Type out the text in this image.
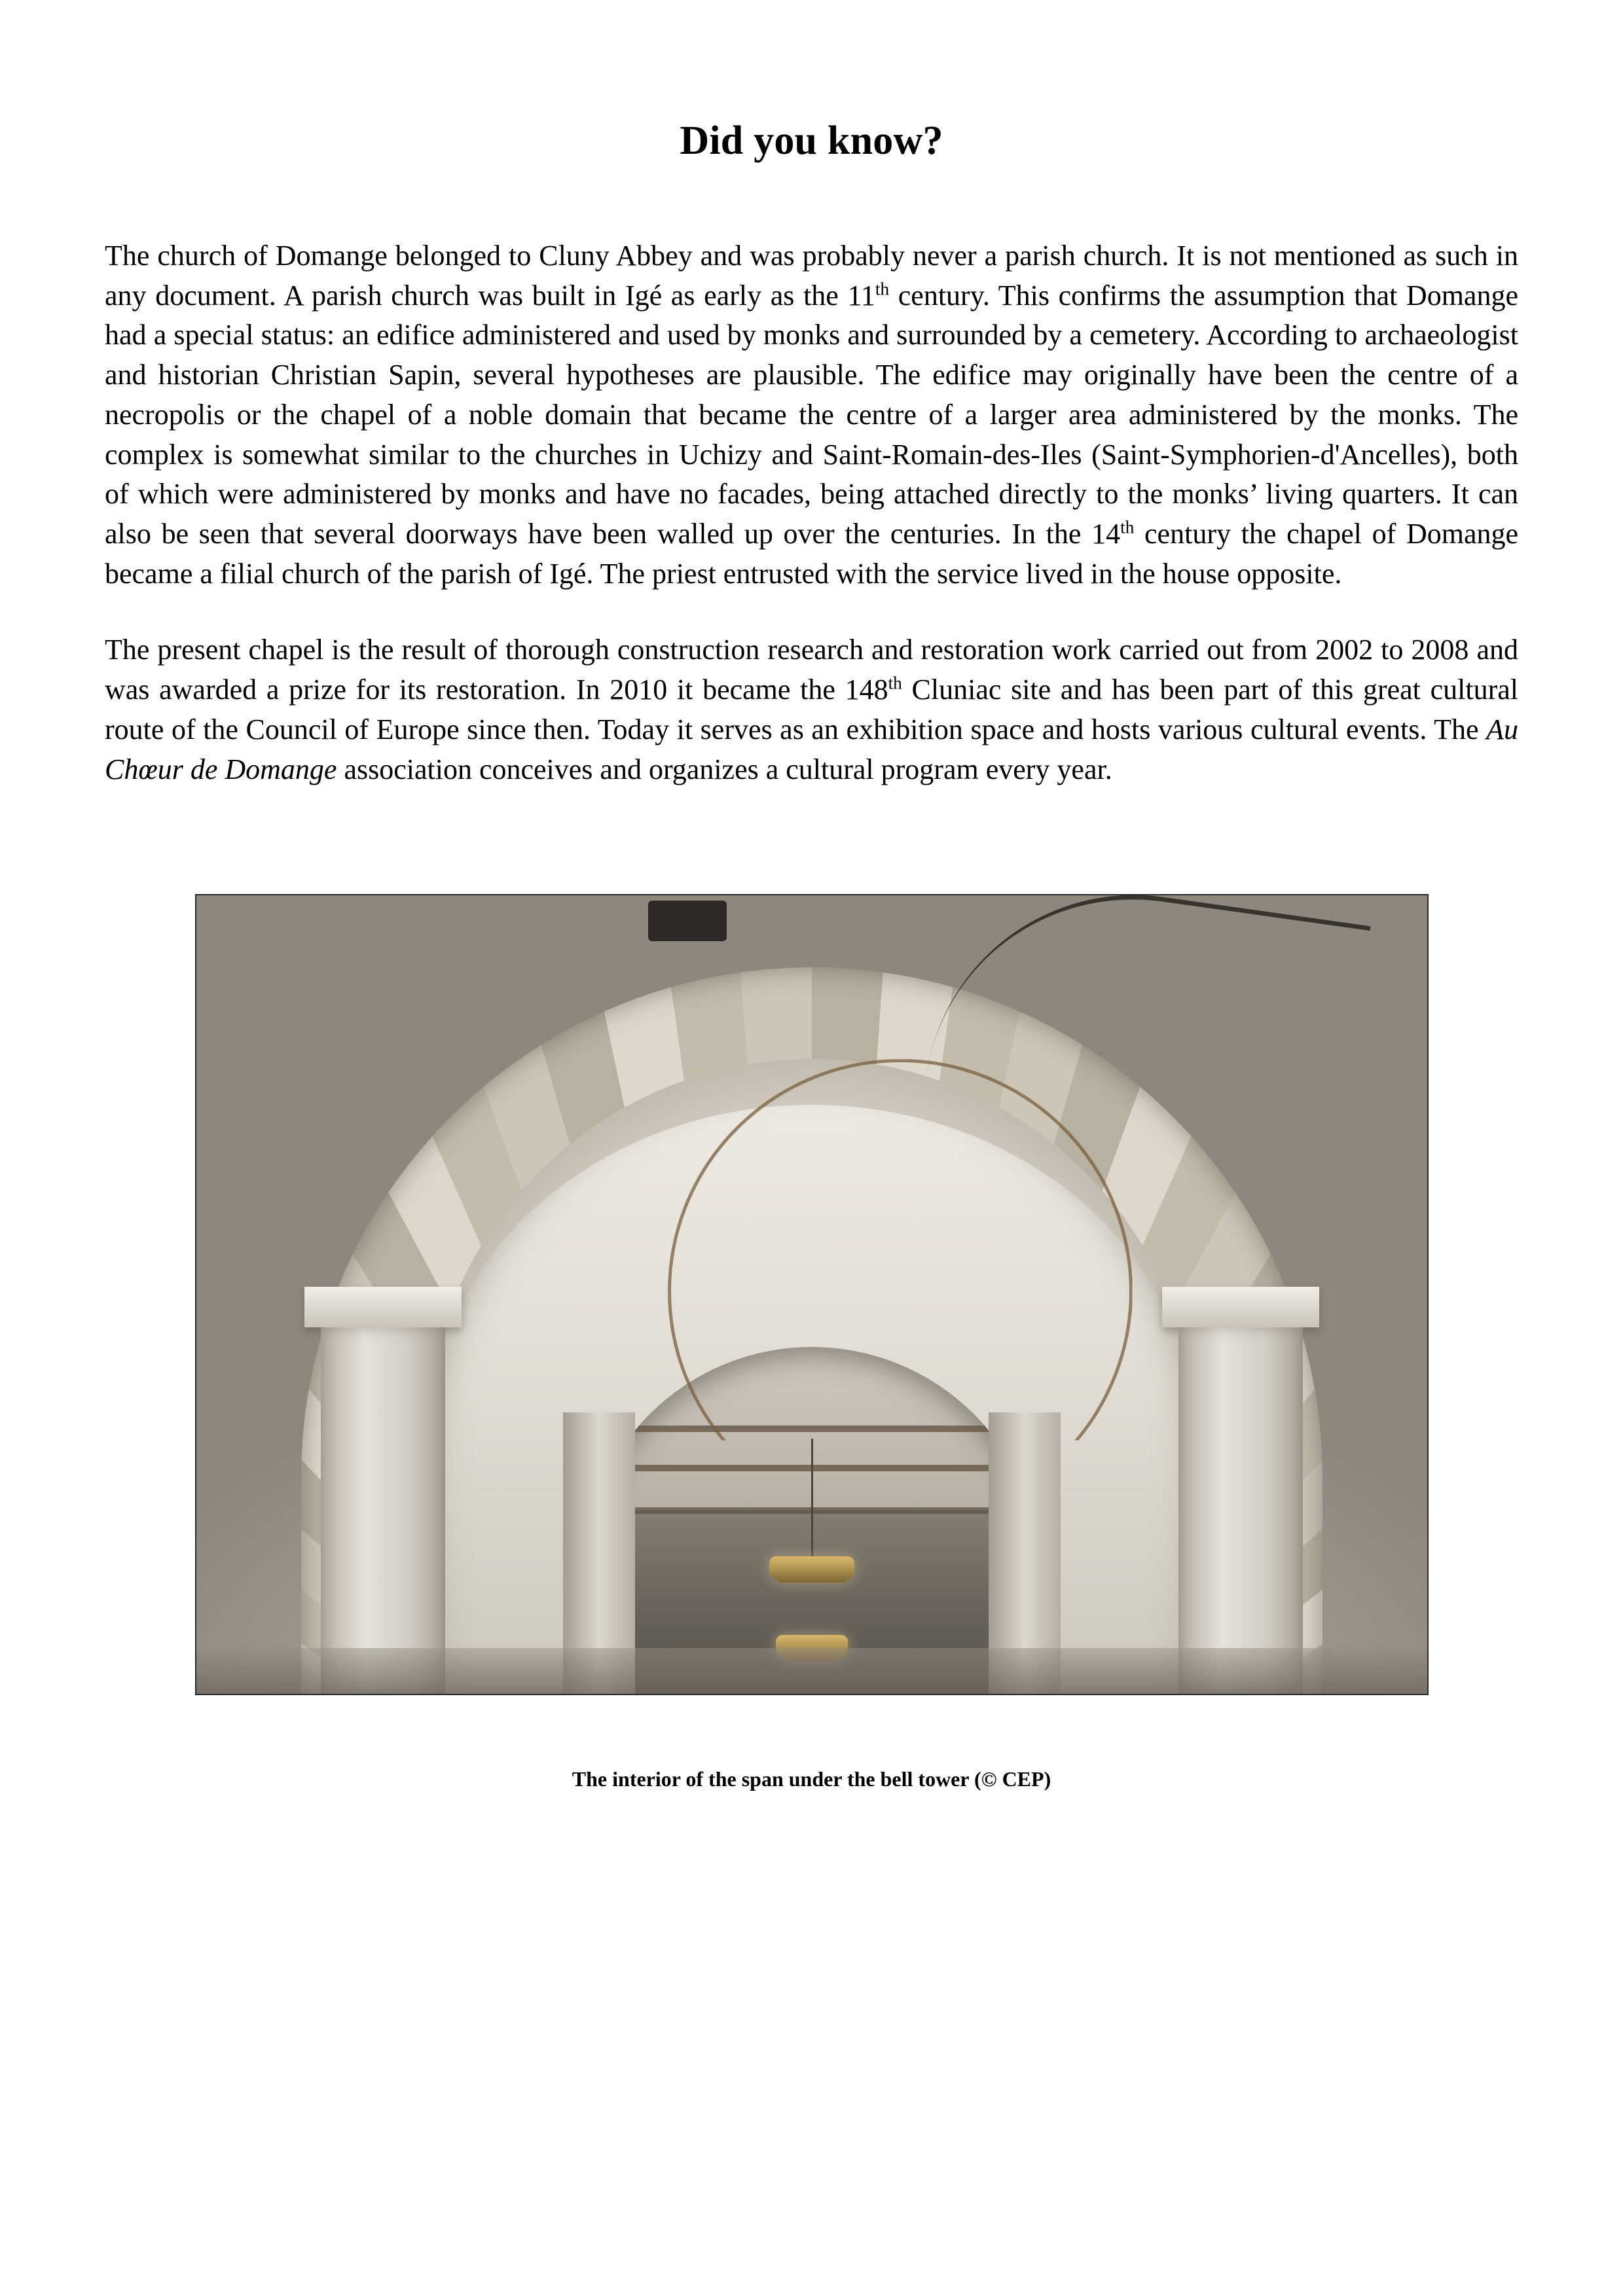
Did you know?

The church of Domange belonged to Cluny Abbey and was probably never a parish church. It is not mentioned as such in any document. A parish church was built in Igé as early as the 11th century. This confirms the assumption that Domange had a special status: an edifice administered and used by monks and surrounded by a cemetery. According to archaeologist and historian Christian Sapin, several hypotheses are plausible. The edifice may originally have been the centre of a necropolis or the chapel of a noble domain that became the centre of a larger area administered by the monks. The complex is somewhat similar to the churches in Uchizy and Saint-Romain-des-Iles (Saint-Symphorien-d'Ancelles), both of which were administered by monks and have no facades, being attached directly to the monks’ living quarters. It can also be seen that several doorways have been walled up over the centuries. In the 14th century the chapel of Domange became a filial church of the parish of Igé. The priest entrusted with the service lived in the house opposite.

The present chapel is the result of thorough construction research and restoration work carried out from 2002 to 2008 and was awarded a prize for its restoration. In 2010 it became the 148th Cluniac site and has been part of this great cultural route of the Council of Europe since then. Today it serves as an exhibition space and hosts various cultural events. The Au Chœur de Domange association conceives and organizes a cultural program every year.

The interior of the span under the bell tower (© CEP)
